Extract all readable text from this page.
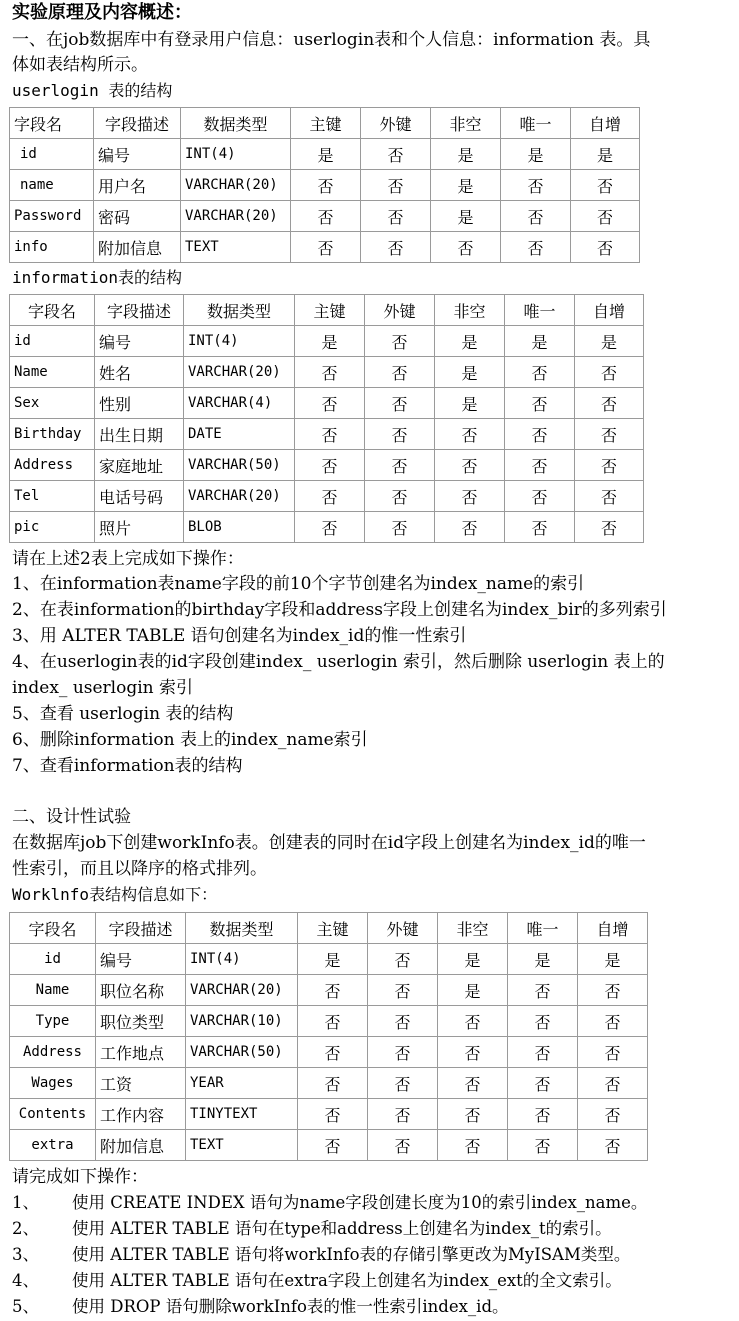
实验原理及内容概述：
一、在job数据库中有登录用户信息：userlogin表和个人信息：information 表。具
体如表结构所示。
userlogin 表的结构
字段名	字段描述	数据类型	主键	外键	非空	唯一	自增
id	编号	INT(4)	是	否	是	是	是
name	用户名	VARCHAR(20)	否	否	是	否	否
Password	密码	VARCHAR(20)	否	否	是	否	否
info	附加信息	TEXT	否	否	否	否	否
information表的结构
字段名	字段描述	数据类型	主键	外键	非空	唯一	自增
id	编号	INT(4)	是	否	是	是	是
Name	姓名	VARCHAR(20)	否	否	是	否	否
Sex	性别	VARCHAR(4)	否	否	是	否	否
Birthday	出生日期	DATE	否	否	否	否	否
Address	家庭地址	VARCHAR(50)	否	否	否	否	否
Tel	电话号码	VARCHAR(20)	否	否	否	否	否
pic	照片	BLOB	否	否	否	否	否
请在上述2表上完成如下操作：
1、在information表name字段的前10个字节创建名为index_name的索引
2、在表information的birthday字段和address字段上创建名为index_bir的多列索引
3、用 ALTER TABLE 语句创建名为index_id的惟一性索引
4、在userlogin表的id字段创建index_ userlogin 索引，然后删除 userlogin 表上的
index_ userlogin 索引
5、查看 userlogin 表的结构
6、删除information 表上的index_name索引
7、查看information表的结构
二、设计性试验
在数据库job下创建workInfo表。创建表的同时在id字段上创建名为index_id的唯一
性索引，而且以降序的格式排列。
Worklnfo表结构信息如下：
字段名	字段描述	数据类型	主键	外键	非空	唯一	自增
id	编号	INT(4)	是	否	是	是	是
Name	职位名称	VARCHAR(20)	否	否	是	否	否
Type	职位类型	VARCHAR(10)	否	否	否	否	否
Address	工作地点	VARCHAR(50)	否	否	否	否	否
Wages	工资	YEAR	否	否	否	否	否
Contents	工作内容	TINYTEXT	否	否	否	否	否
extra	附加信息	TEXT	否	否	否	否	否
请完成如下操作：
1、 使用 CREATE INDEX 语句为name字段创建长度为10的索引index_name。
2、 使用 ALTER TABLE 语句在type和address上创建名为index_t的索引。
3、 使用 ALTER TABLE 语句将workInfo表的存储引擎更改为MyISAM类型。
4、 使用 ALTER TABLE 语句在extra字段上创建名为index_ext的全文索引。
5、 使用 DROP 语句删除workInfo表的惟一性索引index_id。
